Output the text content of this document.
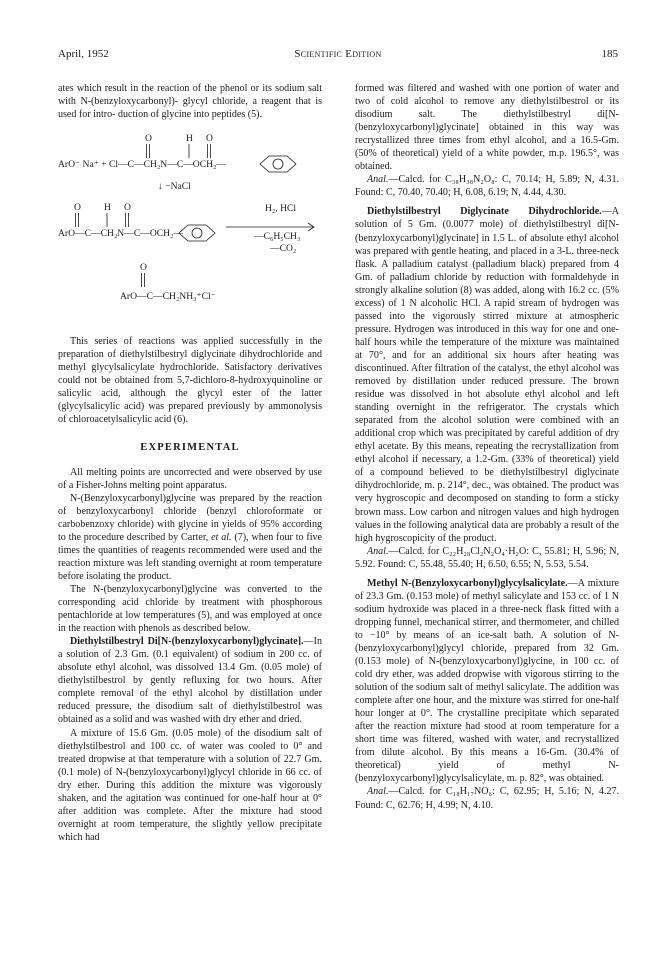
April, 1952	Scientific Edition	185

ates which result in the reaction of the phenol or its sodium salt with N-(benzyloxycarbonyl)- glycyl chloride, a reagent that is used for intro- duction of glycine into peptides (5).

O	H O
ArO⁻ Na⁺ + Cl—C—CH₂N—C—OCH₂—
↓ −NaCl
O H O
ArO—C—CH₂N—C—OCH₂—
H₂, HCl
—C₆H₅CH₃
—CO₂
O
ArO—C—CH₂NH₃⁺Cl⁻

This series of reactions was applied successfully in the preparation of diethylstilbestryl diglycinate dihydrochloride and methyl glycylsalicylate hydrochloride. Satisfactory derivatives could not be obtained from 5,7-dichloro-8-hydroxyquinoline or salicylic acid, although the glycyl ester of the latter (glycylsalicylic acid) was prepared previously by ammonolysis of chloroacetylsalicylic acid (6).

EXPERIMENTAL

All melting points are uncorrected and were observed by use of a Fisher-Johns melting point apparatus.

N-(Benzyloxycarbonyl)glycine was prepared by the reaction of benzyloxycarbonyl chloride (benzyl chloroformate or carbobenzoxy chloride) with glycine in yields of 95% according to the procedure described by Carter, et al. (7), when four to five times the quantities of reagents recommended were used and the reaction mixture was left standing overnight at room temperature before isolating the product.

The N-(benzyloxycarbonyl)glycine was converted to the corresponding acid chloride by treatment with phosphorous pentachloride at low temperatures (5), and was employed at once in the reaction with phenols as described below.

Diethylstilbestryl Di[N-(benzyloxycarbonyl)glycinate].—In a solution of 2.3 Gm. (0.1 equivalent) of sodium in 200 cc. of absolute ethyl alcohol, was dissolved 13.4 Gm. (0.05 mole) of diethylstilbestrol by gently refluxing for two hours. After complete removal of the ethyl alcohol by distillation under reduced pressure, the disodium salt of diethylstilbestrol was obtained as a solid and was washed with dry ether and dried.

A mixture of 15.6 Gm. (0.05 mole) of the disodium salt of diethylstilbestrol and 100 cc. of water was cooled to 0° and treated dropwise at that temperature with a solution of 22.7 Gm. (0.1 mole) of N-(benzyloxycarbonyl)glycyl chloride in 66 cc. of dry ether. During this addition the mixture was vigorously shaken, and the agitation was continued for one-half hour at 0° after addition was complete. After the mixture had stood overnight at room temperature, the slightly yellow precipitate which had

formed was filtered and washed with one portion of water and two of cold alcohol to remove any diethylstilbestrol or its disodium salt. The diethylstilbestryl di[N-(benzyloxycarbonyl)glycinate] obtained in this way was recrystallized three times from ethyl alcohol, and a 16.5-Gm. (50% of theoretical) yield of a white powder, m.p. 196.5°, was obtained.

Anal.—Calcd. for C₃₈H₃₈N₂O₈: C, 70.14; H, 5.89; N, 4.31. Found: C, 70.40, 70.40; H, 6.08, 6.19; N, 4.44, 4.30.

Diethylstilbestryl Diglycinate Dihydrochloride.—A solution of 5 Gm. (0.0077 mole) of diethylstilbestryl di[N-(benzyloxycarbonyl)glycinate] in 1.5 L. of absolute ethyl alcohol was prepared with gentle heating, and placed in a 3-L. three-neck flask. A palladium catalyst (palladium black) prepared from 4 Gm. of palladium chloride by reduction with formaldehyde in strongly alkaline solution (8) was added, along with 16.2 cc. (5% excess) of 1 N alcoholic HCl. A rapid stream of hydrogen was passed into the vigorously stirred mixture at atmospheric pressure. Hydrogen was introduced in this way for one and one-half hours while the temperature of the mixture was maintained at 70°, and for an additional six hours after heating was discontinued. After filtration of the catalyst, the ethyl alcohol was removed by distillation under reduced pressure. The brown residue was dissolved in hot absolute ethyl alcohol and left standing overnight in the refrigerator. The crystals which separated from the alcohol solution were combined with an additional crop which was precipitated by careful addition of dry ethyl acetate. By this means, repeating the recrystallization from ethyl alcohol if necessary, a 1.2-Gm. (33% of theoretical) yield of a compound believed to be diethylstilbestryl diglycinate dihydrochloride, m. p. 214°, dec., was obtained. The product was very hygroscopic and decomposed on standing to form a sticky brown mass. Low carbon and nitrogen values and high hydrogen values in the following analytical data are probably a result of the high hygroscopicity of the product.

Anal.—Calcd. for C₂₂H₂₈Cl₂N₂O₄·H₂O: C, 55.81; H, 5.96; N, 5.92. Found: C, 55.48, 55.40; H, 6.50, 6.55; N, 5.53, 5.54.

Methyl N-(Benzyloxycarbonyl)glycylsalicylate.—A mixture of 23.3 Gm. (0.153 mole) of methyl salicylate and 153 cc. of 1 N sodium hydroxide was placed in a three-neck flask fitted with a dropping funnel, mechanical stirrer, and thermometer, and chilled to −10° by means of an ice-salt bath. A solution of N-(benzyloxycarbonyl)glycyl chloride, prepared from 32 Gm. (0.153 mole) of N-(benzyloxycarbonyl)glycine, in 100 cc. of cold dry ether, was added dropwise with vigorous stirring to the solution of the sodium salt of methyl salicylate. The addition was complete after one hour, and the mixture was stirred for one-half hour longer at 0°. The crystalline precipitate which separated after the reaction mixture had stood at room temperature for a short time was filtered, washed with water, and recrystallized from dilute alcohol. By this means a 16-Gm. (30.4% of theoretical) yield of methyl N-(benzyloxycarbonyl)glycylsalicylate, m. p. 82°, was obtained.

Anal.—Calcd. for C₁₈H₁₇NO₆: C, 62.95; H, 5.16; N, 4.27. Found: C, 62.76; H, 4.99; N, 4.10.
